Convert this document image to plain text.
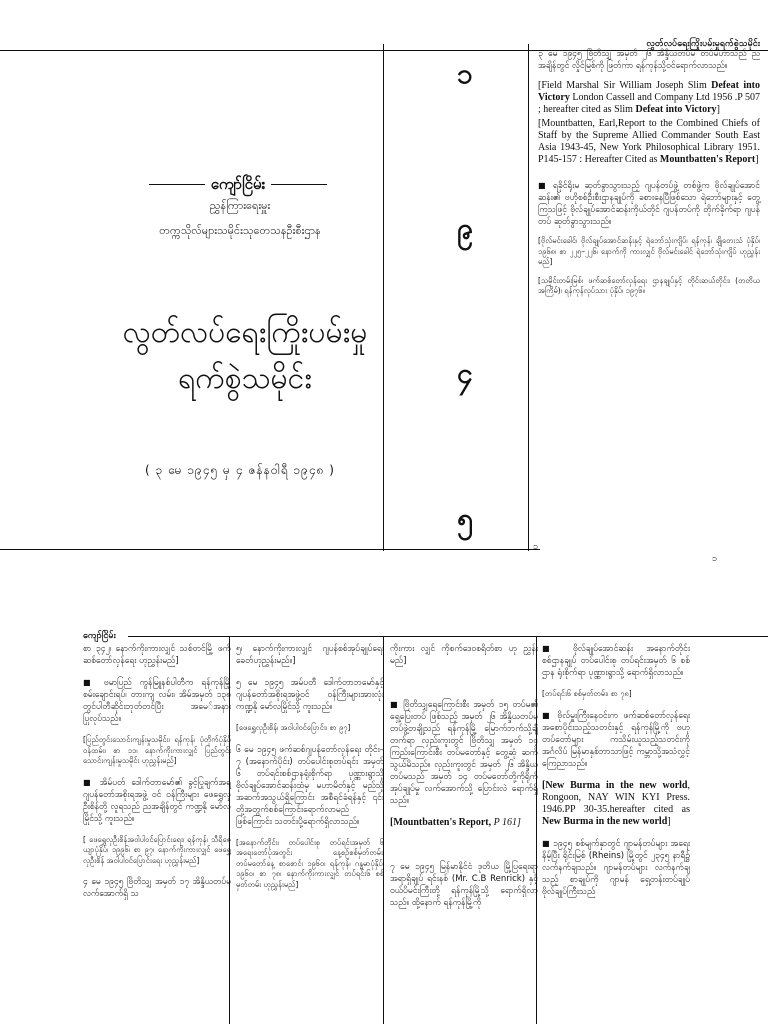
လွတ်လပ်ရေးကြိုးပမ်းမှုရက်စွဲသမိုင်း
ကျော်ငြိမ်း
ညွှန်ကြားရေးမှူး
တက္ကသိုလ်များသမိုင်းသုတေသနဦးစီးဌာန
လွတ်လပ်ရေးကြိုးပမ်းမှု
ရက်စွဲသမိုင်း
( ၃ မေ ၁၉၄၅ မှ ၄ ဇန်နဝါရီ ၁၉၄၈ )
၁
၉
၄
၅

၃ မေ ၁၉၄၅ ဗြိတိသျှ အမှတ် ၂၆ အိန္ဒိယတပ်မ တပ်မဟာသည် ည အချိန်တွင် လှိုင်မြစ်ကို ဖြတ်ကာ ရန်ကုန်သို့ဝင်ရောက်လာသည်။

[Field Marshal Sir William Joseph Slim Defeat into Victory London Cassell and Company Ltd 1956 .P 507 ; hereafter cited as Slim Defeat into Victory]

[Mountbatten, Earl,Report to the Combined Chiefs of Staff by the Supreme Allied Commander South East Asia 1943-45, New York Philosophical Library 1951. P145-157 : Hereafter Cited as Mountbatten's Report]

■ ရခိုင်ရိုးမ ဆုတ်ခွာသွားသည့် ဂျပန်တပ်ဖွဲ့ တစ်ဖွဲ့က ဗိုလ်ချုပ်အောင်ဆန်း၏ ဗဟိုစစ်ဦးစီးဌာနချုပ်ကို ခစားနေပြီဖြစ်သော ရဲဘော်များနှင့် တွေ့ကြသဖြင့် ဗိုလ်ချုပ်အောင်ဆန်းကိုယ်တိုင် ဂျပန်တပ်ကို တိုက်ခိုက်ရာ ဂျပန်တပ် ဆုတ်ခွာသွားသည်။

[ဗိုလ်မင်းခေါင်၊ ဗိုလ်ချုပ်အောင်ဆန်းနှင့် ရဲဘော်သုံးကျိပ်၊ ရန်ကုန်၊ ချိုတေးသံ ပုံနှိပ်၊ ၁၉၆၈၊ စာ ၂၂၅–၂၂၆၊ နောက်ကို ကားလျှင် ဗိုလ်မင်းခေါင် ရဲဘော်သုံးကျိပ် ဟုညွှန်းမည်]

[သမိုင်းတမ်းမြစ်၊ ဖက်ဆစ်တော်လှန်ရေး ဌာနချုပ်နှင့် တိုင်းဆယ်တိုင်း၊ (တတိယ အကြိမ်)၊ ရန်ကုန်လုပ်သား ပုံနှိပ်၊ ၁၉၇၆။

၁
၁
ကျော်ငြိမ်း

စာ ၃၄၂၊ နောက်ကိုးကားလျှင် သစ်တင်မြို့ ဖက်ဆစ်တော်လှန်ရေး ဟုညွှန်းမည်]

■ ဗမာပြည် ကွန်မြူနစ်ပါတီက ရန်ကုန်မြို့ စမ်းချောင်းရပ်၊ တားကျ လမ်း၊ အိမ်အမှတ် ၁၃၈ တွင်ပါတီဆိုင်းဘုတ်တင်ပြီး အမေ်အနား ပြုလုပ်သည်။

[ပြည်တွင်းသောင်းကျန်းမှုသမိုင်း၊ ရန်ကုန်၊ ပုံတိုက်ပုံနှိပ်ဝန်ထမ်း၊ စာ ၁၁၊ နောက်ကိုးကားလျှင် ပြည်တွင်းသောင်းကျန်းမှုသမိုင်း ဟုညွှန်းမည်]

■ အိမ်ပတ် ဒေါက်တာမော်၏ ခွင့်ပြုချက်အရ ဂျပန်တော်အစိုးရအဖွဲ့ ဝင် ဝန်ကြီးများ ဖေရွှေလှဦးစိန်တို့ လူရသည် ညအချိန်တွင် ကဏ္ဍနို မော်လမြိုင်သို့ ကူးသည်။

[ ဖေရွှေလှဦးစိန်အဝါပါဝင်ပြောင်းရေး၊ ရန်ကုန်၊ သီရိဇေယျာပုံနှိပ်၊ ၁၉၉၆၊ စာ ၉၇၊ နောက်ကိုးကားလျှင် ဖေရွှေလှဦးစိန် အဝါပါဝင်ပြောင်းရေး ဟုညွှန်းမည်]

၄ မေ ၁၉၄၅ ဗြိတိသျှ အမှတ် ၁၇ အိန္ဒိယတပ်မ လက်အောက်ရှိ သ

၅၊ နောက်ကိုးကားလျှင် ဂျပန်စစ်အုပ်ချုပ်ရေးခေတ်ဟုညွှန်းမည်။]

၅ မေ ၁၉၄၅ အမ်ပတီ ဒေါက်တာဘမော်နှင့် ဂျပန်တော်အစိုးရအဖွဲ့ဝင် ဝန်ကြီးများအားလုံး ကဏ္ဍနို မော်လမြိုင်သို့ ကူးသည်။

[ဖေရွှေလှဦးစိန်၊ အဝါပါဝင်ပြောင်း၊ စာ ၉၇]

၆ မေ ၁၉၄၅ ဖက်ဆစ်ဂျပန်တော်လှန်ရေး တိုင်း–၇ (အနောက်ပိုင်း) တပ်ပေါင်းစုတပ်ရင်း အမှတ် ၆ တပ်ရင်းစစ်ဌာနရုံးစိုက်ရာ ပုဏ္ဏားရွာသို့ ဗိုလ်ချုပ်အောင်ဆန်းထံမှ မဟာမိတ်နှင့် မည်သို့ အဆက်အသွယ်ရှိကြောင်း အစီရင်ခံရန်နှင့် ၎င်းတို့အတွက်စစ်ကြောင်းရောက်လာမည်ဖြစ်ကြောင်း သတင်းပို့ရောက်ရှိလာသည်။

[အနောက်တိုင်း၊ တပ်ပေါင်းစု တပ်ရင်းအမှတ် ၆ အရေးတော်ပုံအတွင်း နေ့စဉ်စစ်မှတ်တမ်း၊ တပ်မတော်နေ့ စာစောင်၊ ၁၉၆၀၊ ရန်ကုန်၊ ဂန္ဓမာပုံနှိပ်၊ ၁၉၆၀၊ စာ ၇၈၊ နောက်ကိုးကားလျှင် တပ်ရင်း၆ စစ်မှတ်တမ်း ဟုညွှန်းမည်]

ကိုးကား လျှင် ကိုစက်ဒေဝစရိတ်စာ ဟု ညွှန်းမည်]

■ ဗြိတိသျှရေကြောင်းစီး အမှတ် ၁၅ တပ်မ၏ ရှေ့ပြေးတပ် ဖြစ်သည့် အမှတ် ၂၆ အိန္ဒိယတပ်မ တပ်ဖွဲ့တချို့သည် ရန်ကုန်မြို့ မြောက်ဘက်သို့ချီတက်ရာ လှည်းကူးတွင် ဗြိတိသျှ အမှတ် ၁၄ ကြည်းကြောင်းစီး တပ်မတော်နှင့် တွေ့ဆုံ ဆက်သွယ်မိသည်။ လှည်းကူးတွင် အမှတ် ၂၆ အိန္ဒိယတပ်မသည် အမှတ် ၁၄ တပ်မတော်တို့ကိုရိုက်အုပ်ချုပ်မှု လက်အောက်သို့ ပြောင်းလဲ ရောက်ရှိသည်။

[Mountbatten's Report, P 161]

၇ မေ ၁၉၄၅ မြန်မာနိုင်ငံ ဒုတိယ မြို့ပြရေးရာ အရာရှိချုပ် ရင်းနစ် (Mr. C.B Renrick) နှင့် ဝယ်ပိမင်းကြီးတို့ ရန်ကုန်မြို့သို့ ရောက်ရှိလာသည်။ ထို့နောက် ရန်ကုန်မြို့ကို

■ ဗိုလ်ချုပ်အောင်ဆန်း အနောက်တိုင်း စစ်ဌာနချုပ် တပ်ပေါင်းစု တပ်ရင်းအမှတ် ၆ စစ်ဌာန ရုံးစိုက်ရာ ပုဏ္ဏားရွာသို့ ရောက်ရှိလာသည်။

[တပ်ရင်း၆ စစ်မှတ်တမ်း၊ စာ ၇၈]

■ ဗိုလ်မှူးကြီးနေဝင်းက ဖက်ဆစ်တော်လှန်ရေး အစောပိုင်းသည့်သတင်းနှင့် ရန်ကုန်မြို့ကို ဗဟုတပ်တော်များ ကသိမ်းယူသည့်သတင်းကို အင်္ဂလိပ် မြန်မာနှစ်ဘာသာဖြင့် ကမ္ဘာသို့အသံလွှင့်ကြေညာသည်။

[New Burma in the new world, Rongoon, NAY WIN KYI Press. 1946.PP 30-35.hereafter cited as New Burma in the new world]

■ ၁၉၄၅ စစ်မျက်နှာတွင် ဂျာမန်တပ်များ အရေးနိမ့်ပြီး ရိုင်းမြစ် (Rheins) မြို့တွင် ၂၃၄၅ နာရီ၌ လက်နက်ချသည်။ ဂျာမန်တပ်များ လက်နက်ချသည့် စာချုပ်ကို ဂျာမန် ရှေ့တန်းတပ်ချုပ် ဗိုလ်ချုပ်ကြီးသည်
